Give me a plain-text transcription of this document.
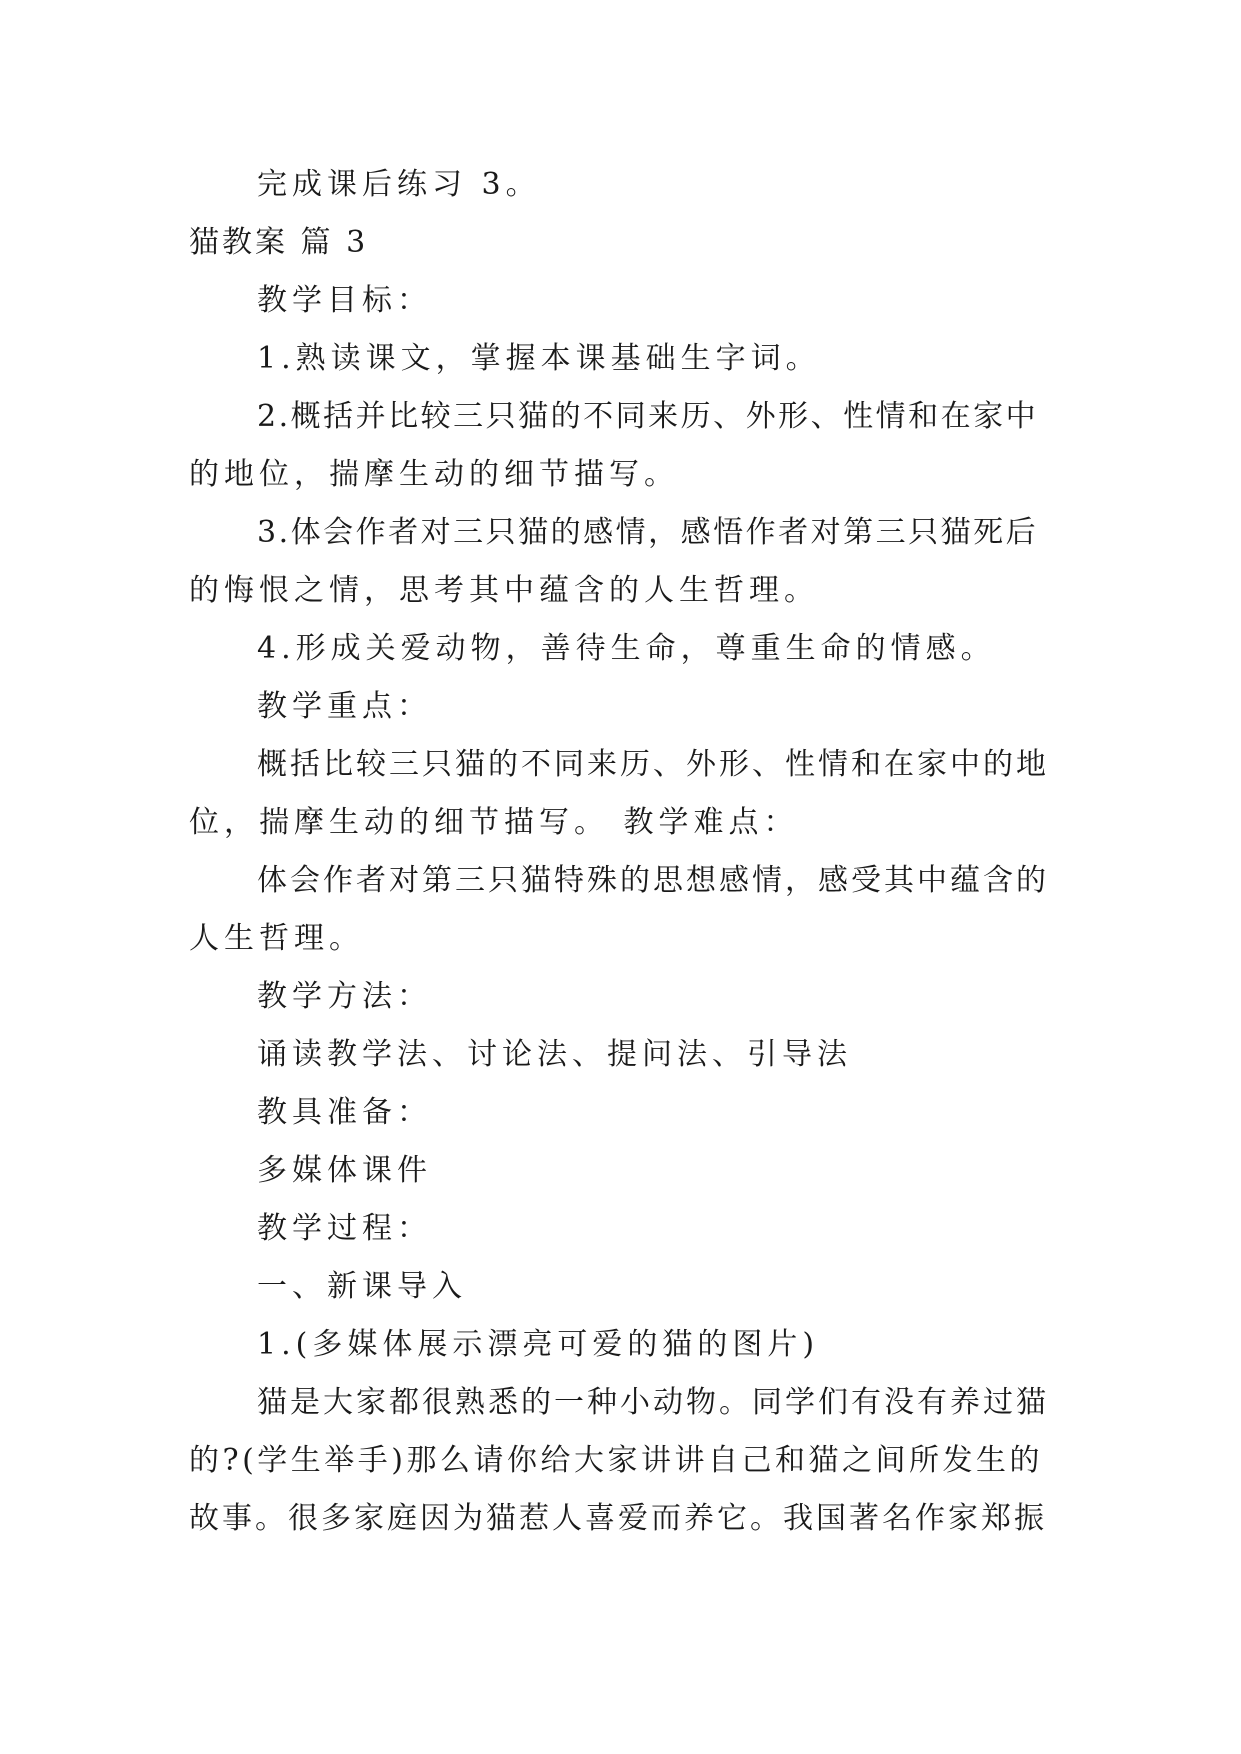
完成课后练习 3。
猫教案 篇 3
教学目标：
1.熟读课文，掌握本课基础生字词。
2.概括并比较三只猫的不同来历、外形、性情和在家中
的地位，揣摩生动的细节描写。
3.体会作者对三只猫的感情，感悟作者对第三只猫死后
的悔恨之情，思考其中蕴含的人生哲理。
4.形成关爱动物，善待生命，尊重生命的情感。
教学重点：
概括比较三只猫的不同来历、外形、性情和在家中的地
位，揣摩生动的细节描写。 教学难点：
体会作者对第三只猫特殊的思想感情，感受其中蕴含的
人生哲理。
教学方法：
诵读教学法、讨论法、提问法、引导法
教具准备：
多媒体课件
教学过程：
一、新课导入
1.(多媒体展示漂亮可爱的猫的图片)
猫是大家都很熟悉的一种小动物。同学们有没有养过猫
的?(学生举手)那么请你给大家讲讲自己和猫之间所发生的
故事。很多家庭因为猫惹人喜爱而养它。我国著名作家郑振
